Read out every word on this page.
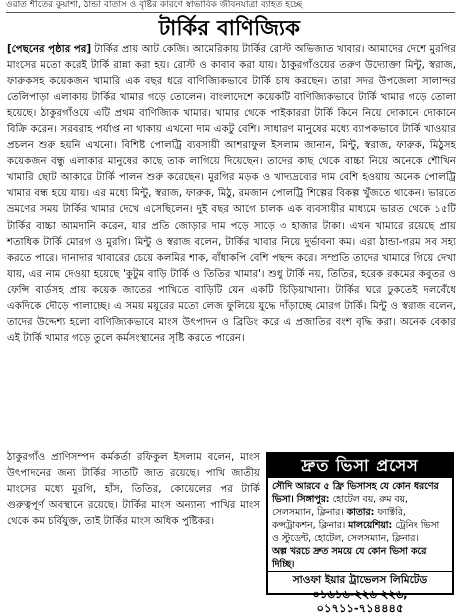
ওরাত শীতের কুয়াশা, ঠান্ডা বাতাস ও বৃষ্টির কারণে স্বাভাবিক জীবনযাত্রা ব্যাহত হচ্ছে
টার্কির বাণিজ্যিক

[পেছনের পৃষ্ঠার পর] টার্কির প্রায় আট কেজি। আমেরিকায় টার্কির রোস্ট অভিজাত খাবার। আমাদের দেশে মুরগির মাংসের মতো করেই টার্কি রান্না করা হয়। রোস্ট ও কাবাব করা যায়। ঠাকুরগাঁওয়ের তরুণ উদ্যোক্তা মিন্টু, স্বরাজ, ফারুকসহ কয়েকজন খামারি এক বছর ধরে বাণিজ্যিকভাবে টার্কি চাষ করছেন। তারা সদর উপজেলা সালান্দর তেলিপাড়া এলাকায় টার্কির খামার গড়ে তোলেন। বাংলাদেশে কয়েকটি বাণিজ্যিকভাবে টার্কি খামার গড়ে তোলা হয়েছে। ঠাকুরগাঁওয়ে এটি প্রথম বাণিজ্যিক খামার। খামার থেকে পাইকাররা টার্কি কিনে নিয়ে দোকানে দোকানে বিক্রি করেন। সরবরাহ পর্যাপ্ত না থাকায় এখনো দাম একটু বেশি। সাধারণ মানুষের মধ্যে ব্যাপকভাবে টার্কি খাওয়ার প্রচলন শুরু হয়নি এখনো। বিশিষ্ট পোলট্রি ব্যবসায়ী আশরাফুল ইসলাম জানান, মিন্টু, স্বরাজ, ফারুক, মিঠুসহ কয়েকজন বন্ধু এলাকার মানুষের কাছে তাক লাগিয়ে দিয়েছেন। তাদের কাছ থেকে বাচ্চা নিয়ে অনেকে শৌখিন খামারি ছোট আকারে টার্কি পালন শুরু করেছেন। মুরগির মড়ক ও খাদ্যদ্রব্যের দাম বেশি হওয়ায় অনেক পোলট্রি খামার বন্ধ হয়ে যায়। এর মধ্যে মিন্টু, স্বরাজ, ফারুক, মিঠু, রমজান পোলট্রি শিল্পের বিকল্প খুঁজতে থাকেন। ভারতে ভ্রমণের সময় টার্কির খামার দেখে এসেছিলেন। দুই বছর আগে চালক এক ব্যবসায়ীর মাধ্যমে ভারত থেকে ১৫টি টার্কির বাচ্চা আমদানি করেন, যার প্রতি জোড়ার দাম পড়ে সাড়ে ৩ হাজার টাকা। এখন খামারে রয়েছে প্রায় শতাধিক টার্কি মোরগ ও মুরগি। মিন্টু ও স্বরাজ বলেন, টার্কির খাবার নিয়ে দুর্ভাবনা কম। এরা ঠান্ডা-গরম সব সহ্য করতে পারে। দানাদার খাবারের চেয়ে কলমির শাক, বাঁধাকপি বেশি পছন্দ করে। সম্প্রতি তাদের খামারে গিয়ে দেখা যায়, এর নাম দেওয়া হয়েছে 'কুটুম বাড়ি টার্কি ও তিতির খামার'। শুধু টার্কি নয়, তিতির, হরেক রকমের কবুতর ও ফেন্সি বার্ডসহ প্রায় কয়েক জাতের পাখিতে বাড়িটি যেন একটি চিড়িয়াখানা। টার্কির ঘরে ঢুকতেই দলবেঁধে একদিকে দৌড়ে পালাচ্ছে। এ সময় ময়ূরের মতো লেজ ফুলিয়ে যুদ্ধে দাঁড়াচ্ছে মোরগ টার্কি। মিন্টু ও স্বরাজ বলেন, তাদের উদ্দেশ্য হলো বাণিজ্যিকভাবে মাংস উৎপাদন ও ব্রিডিং করে এ প্রজাতির বংশ বৃদ্ধি করা। অনেক বেকার এই টার্কি খামার গড়ে তুলে কর্মসংস্থানের সৃষ্টি করতে পারেন।

ঠাকুরগাঁও প্রাণিসম্পদ কর্মকর্তা রফিকুল ইসলাম বলেন, মাংস উৎপাদনের জন্য টার্কির সাতটি জাত রয়েছে। পাখি জাতীয় মাংসের মধ্যে মুরগি, হাঁস, তিতির, কোয়েলের পর টার্কি গুরুত্বপূর্ণ অবস্থানে রয়েছে। টার্কির মাংস অন্যান্য পাখির মাংস থেকে কম চর্বিযুক্ত, তাই টার্কির মাংস অধিক পুষ্টিকর।

দ্রুত ভিসা প্রসেস

সৌদি আরবে ৫ ফ্রি ভিসাসহ যে কোন ধরণের ভিসা। সিঙ্গাপুর: হোটেল বয়, রুম বয়, সেলসম্যান, ক্লিনার। কাতার: ফ্যাক্টরি, কন্সট্রাকশন, ক্লিনার। মালয়েশিয়া: ট্রেনিং ভিসা ও স্টুডেন্ট, হোটেল, সেলসম্যান, ক্লিনার।

অল্প খরচে দ্রুত সময়ে যে কোন ভিসা করে দিচ্ছি।

সাওফা ইয়ার ট্রাভেলস লিমিটেড
০১৬১৬-২২৬ ২২৬, ০১৭১১-৭১৪৪৪৫
